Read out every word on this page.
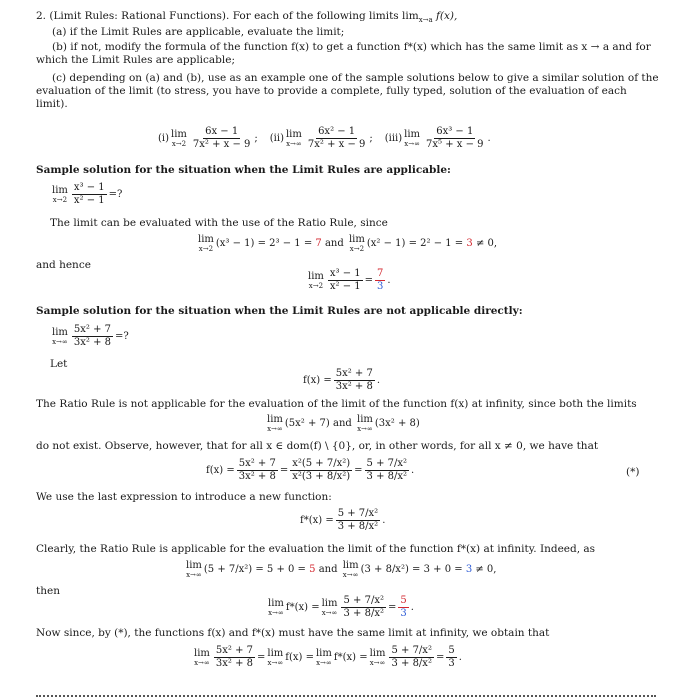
2. (Limit Rules: Rational Functions). For each of the following limits $\lim_{x\to a} f(x)$,
(a) if the Limit Rules are applicable, evaluate the limit;
(b) if not, modify the formula of the function f(x) to get a function f*(x) which has the same limit as x → a and for which the Limit Rules are applicable;
(c) depending on (a) and (b), use as an example one of the sample solutions below to give a similar solution of the evaluation of the limit (to stress, you have to provide a complete, fully typed, solution of the evaluation of each limit).
(i) lim
$x\to 2 \frac{6x - 1}{\text{7x² + x − 9}}$ ; (ii) lim
$x\to\infty \frac{\text{6x² − 1}}{\text{7x² + x − 9}}$ ; (iii) lim
$x\to\infty \frac{\text{6x³ − 1}}{\text{7x⁵ + x − 9}}$ .
Sample solution for the situation when the Limit Rules are applicable:
lim
$x\to 2 \frac{\text{x³ − 1}}{\text{x² − 1}}$ =?
The limit can be evaluated with the use of the Ratio Rule, since
lim
x→2 (x³ − 1) = 2³ − 1 =
7
and
lim
x→2 (x² − 1) = 2² − 1 =
3
≠ 0,
and hence
lim
$x\to 2 \frac{\text{x³ − 1}}{\text{x² − 1}} = \frac{7}{3}$ .
Sample solution for the situation when the Limit Rules are not applicable directly:
lim
$x\to\infty \frac{\text{5x² + 7}}{\text{3x² + 8}}$ =?
Let
$f(x) = \frac{\text{5x² + 7}}{\text{3x² + 8}}$ .
The Ratio Rule is not applicable for the evaluation of the limit of the function f(x) at infinity, since both the limits
lim
x→∞ (5x² + 7)
and
lim
x→∞ (3x² + 8)
do not exist. Observe, however, that for all x ∈ dom(f) \ {0}, or, in other words, for all x ≠ 0, we have that
$f(x) = \frac{\text{5x² + 7}}{\text{3x² + 8}} = \frac{\text{x²(5 + 7/x²)}}{\text{x²(3 + 8/x²)}} = \frac{\text{5 + 7/x²}}{\text{3 + 8/x²}}$ .	(*)
We use the last expression to introduce a new function:
$f*(x) = \frac{\text{5 + 7/x²}}{\text{3 + 8/x²}}$ .
Clearly, the Ratio Rule is applicable for the evaluation the limit of the function f*(x) at infinity. Indeed, as
lim
x→∞ (5 + 7/x²) = 5 + 0 =
5
and
lim
x→∞ (3 + 8/x²) = 3 + 0 =
3
≠ 0,
then
lim
x→∞ f*(x) = lim
$x\to\infty \frac{\text{5 + 7/x²}}{\text{3 + 8/x²}} = \frac{5}{3}$ .
Now since, by (*), the functions f(x) and f*(x) must have the same limit at infinity, we obtain that
lim
$x\to\infty \frac{\text{5x² + 7}}{\text{3x² + 8}} = \lim$
x→∞ f(x) = lim
x→∞ f*(x) = lim
$x\to\infty \frac{\text{5 + 7/x²}}{\text{3 + 8/x²}} = \frac{5}{3}$ .
